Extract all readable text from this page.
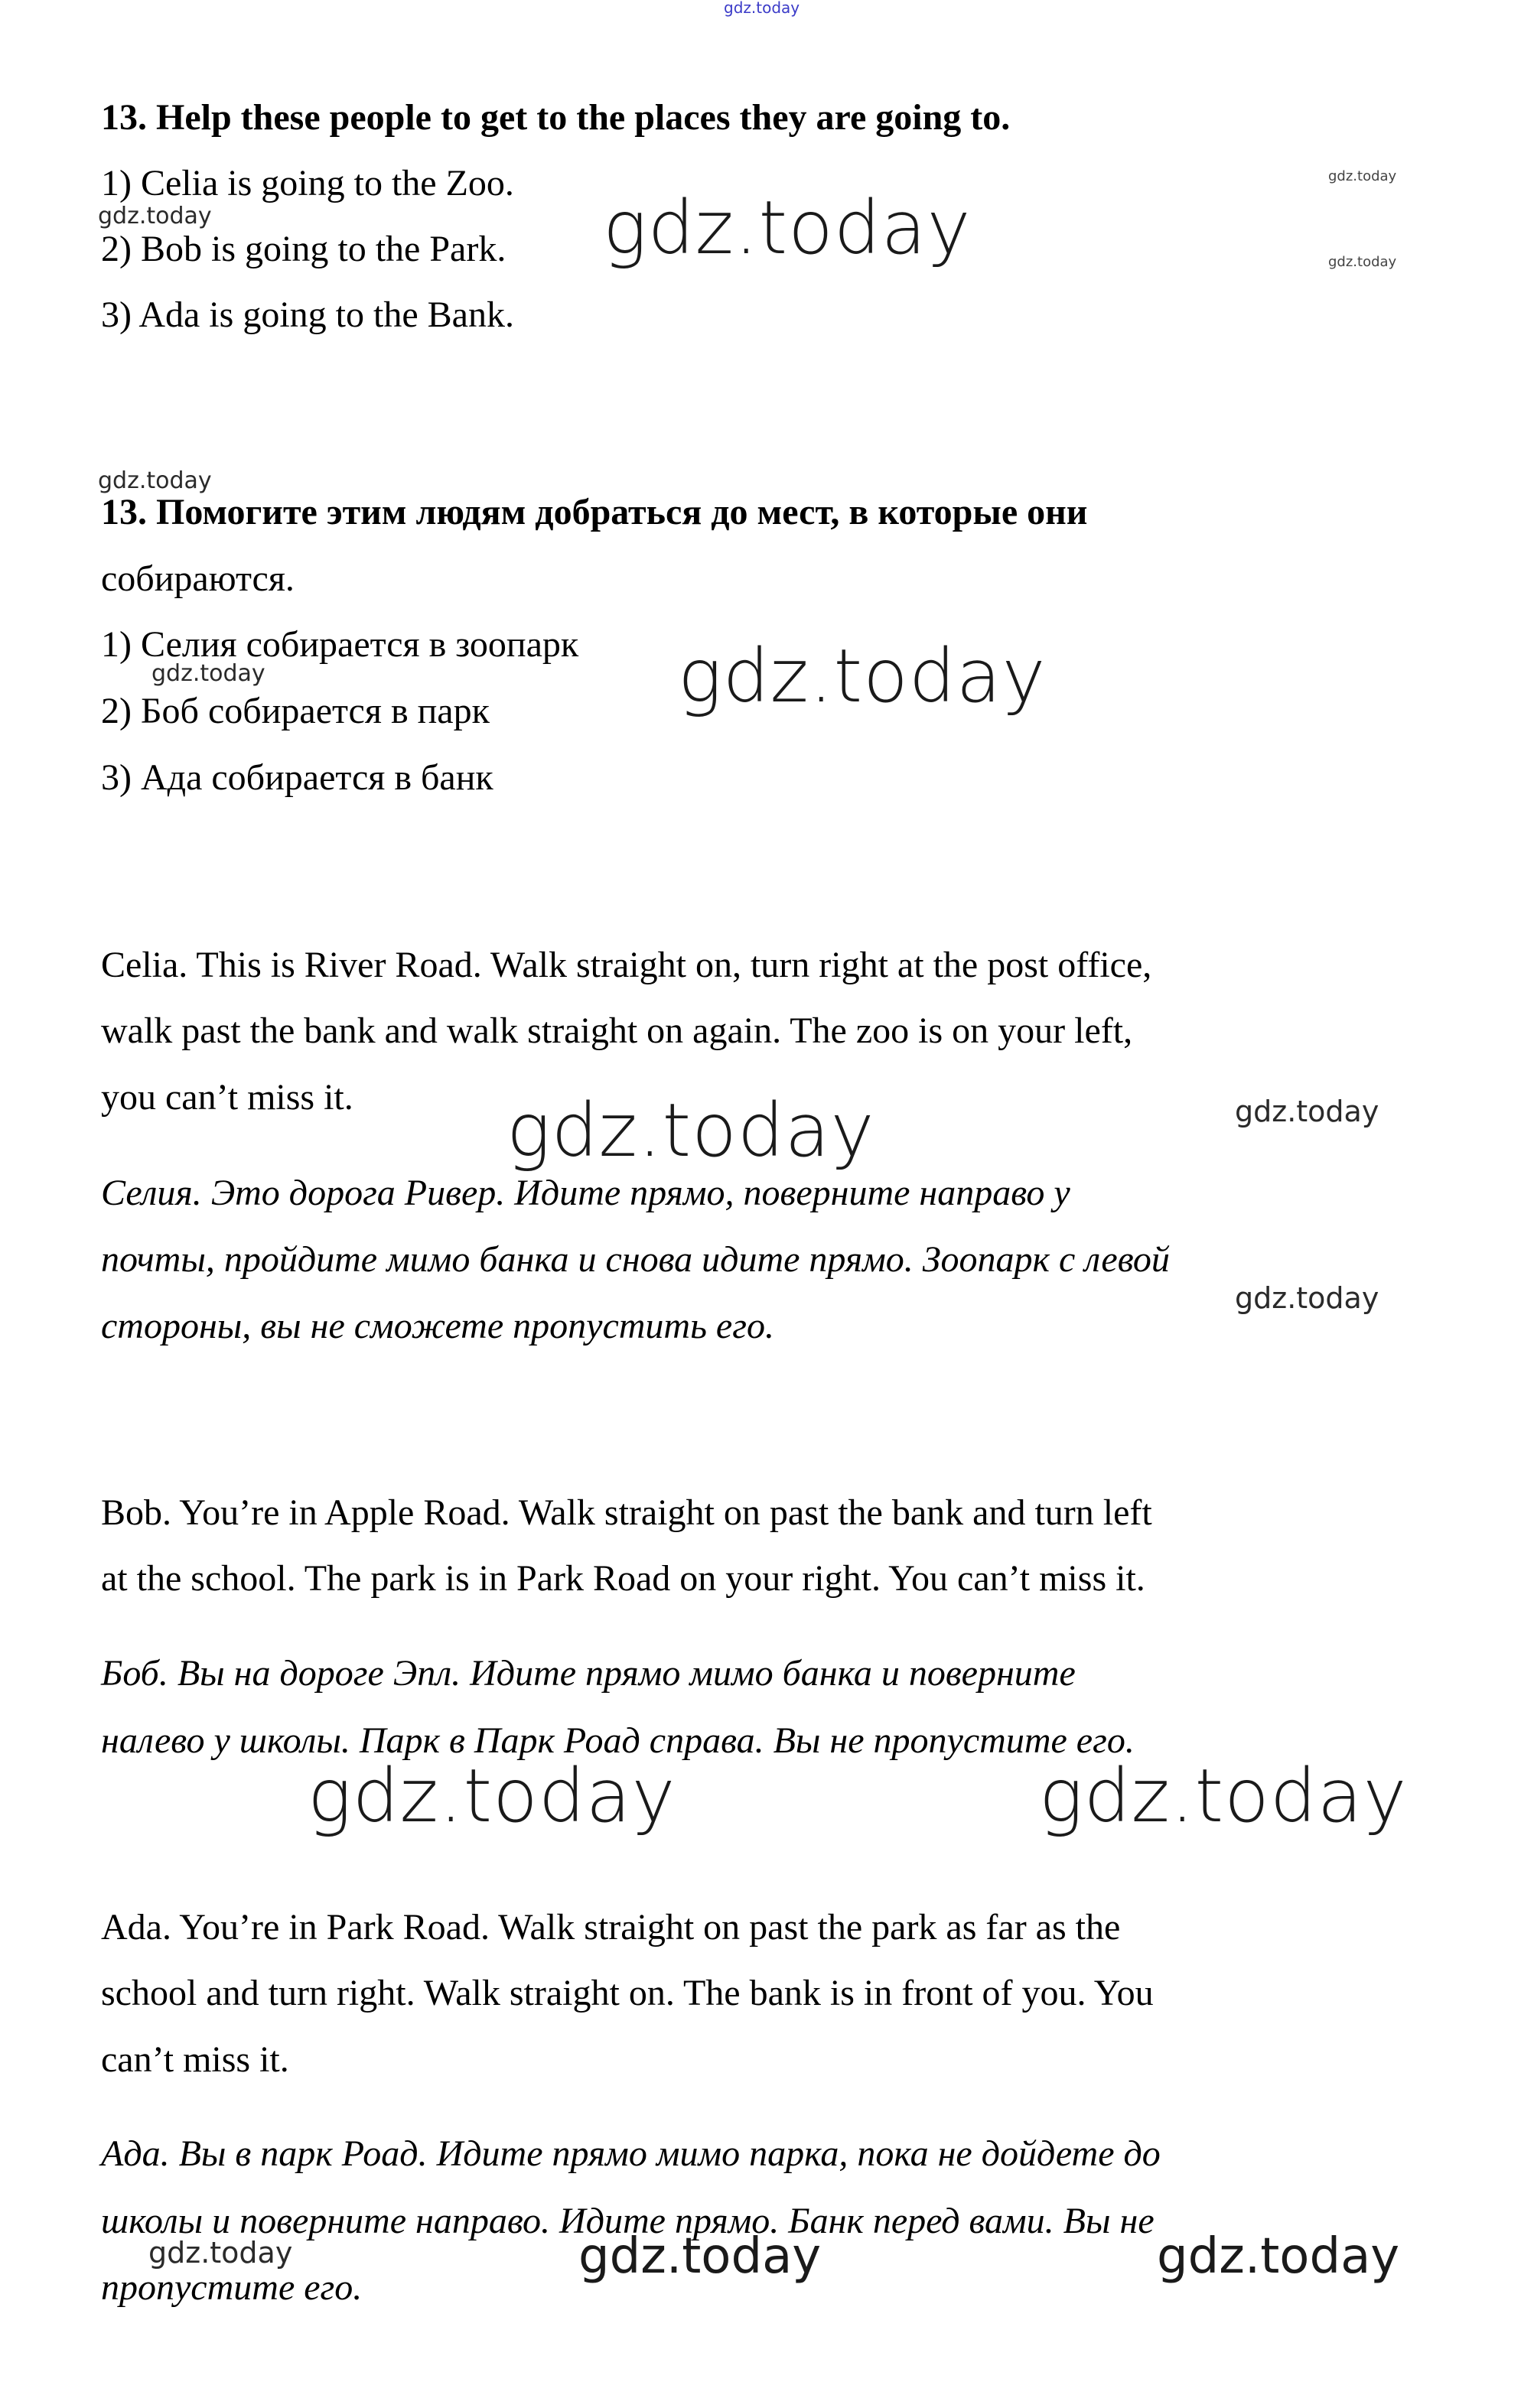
13. Help these people to get to the places they are going to.
1) Celia is going to the Zoo.
2) Bob is going to the Park.
3) Ada is going to the Bank.
13. Помогите этим людям добраться до мест, в которые они
собираются.
1) Селия собирается в зоопарк
2) Боб собирается в парк
3) Ада собирается в банк
Celia. This is River Road. Walk straight on, turn right at the post office,
walk past the bank and walk straight on again. The zoo is on your left,
you can’t miss it.
Селия. Это дорога Ривер. Идите прямо, поверните направо у
почты, пройдите мимо банка и снова идите прямо. Зоопарк с левой
стороны, вы не сможете пропустить его.
Bob. You’re in Apple Road. Walk straight on past the bank and turn left
at the school. The park is in Park Road on your right. You can’t miss it.
Боб. Вы на дороге Эпл. Идите прямо мимо банка и поверните
налево у школы. Парк в Парк Роад справа. Вы не пропустите его.
Ada. You’re in Park Road. Walk straight on past the park as far as the
school and turn right. Walk straight on. The bank is in front of you. You
can’t miss it.
Ада. Вы в парк Роад. Идите прямо мимо парка, пока не дойдете до
школы и поверните направо. Идите прямо. Банк перед вами. Вы не
пропустите его.
gdz.today
gdz.today
gdz.today	gdz.today	gdz.today
gdz.today
gdz.today	gdz.today
gdz.today	gdz.today
gdz.today
gdz.today	gdz.today
gdz.today	gdz.today	gdz.today
